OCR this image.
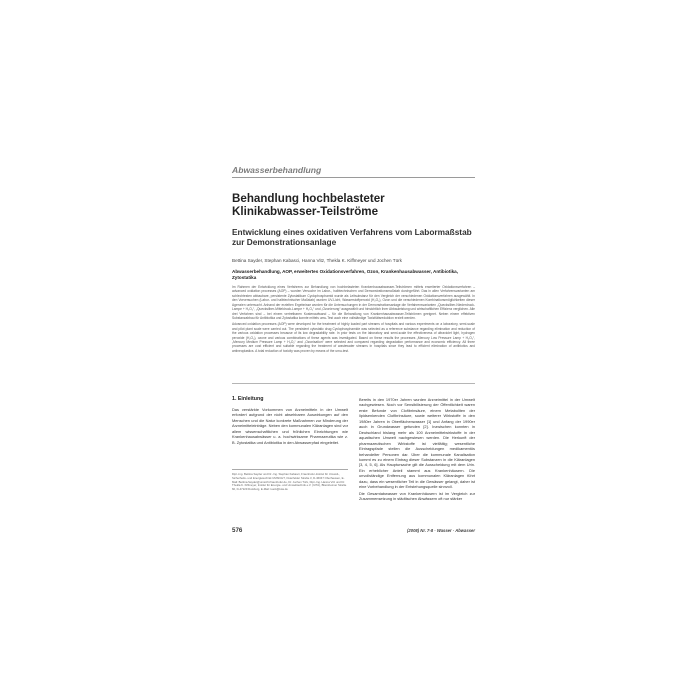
Abwasserbehandlung
Behandlung hochbelasteter Klinikabwasser-Teilströme
Entwicklung eines oxidativen Verfahrens vom Labormaßstab zur Demonstrationsanlage
Bettina Sayder, Stephan Kabasci, Hanna Vitz, Thekla K. Kiffmeyer und Jochen Türk
Abwasserbehandlung, AOP, erweitertes Oxidationsverfahren, Ozon, Krankenhausabwasser, Antibiotika, Zytostatika

Im Rahmen der Entwicklung eines Verfahrens zur Behandlung von hochbelasteten Krankenhausabwasser-Teilströmen mittels erweiterter Oxidationsverfahren – advanced oxidation processes (AOP) – wurden Versuche im Labor-, halbtechnischen und Demonstrationsmaßstab durchgeführt. Das in allen Verfahrensvarianten am schlechtesten abbaubare, persistente Zytostatikum Cyclophosphamid wurde als Leitsubstanz für den Vergleich der verschiedenen Oxidationsverfahren ausgewählt. In den Vorversuchen (Labor- und halbtechnischer Maßstab) wurden UV-Licht, Wasserstoffperoxid (H₂O₂), Ozon und die verschiedenen Kombinationsmöglichkeiten dieser Agenzien untersucht. Anhand der erzielten Ergebnisse wurden für die Untersuchungen in der Demonstrationsanlage die Verfahrensvarianten „Quecksilber-Niederdruck-Lampe + H₂O₂“, „Quecksilber-Mitteldruck-Lampe + H₂O₂“ und „Ozonierung“ ausgewählt und hinsichtlich ihrer Abbauleistung und wirtschaftlichen Effizienz verglichen. Alle drei Verfahren sind – bei einem vertretbaren Kostenaufwand – für die Behandlung von Krankenhausabwasser-Teilströmen geeignet. Neben einem effektiven Substanzabbau für Antibiotika und Zytostatika konnte mittels umu-Test auch eine vollständige Toxizitätsreduktion erzielt werden.

Advanced oxidation processes (AOP) were developed for the treatment of highly loaded part streams of hospitals and various experiments on a laboratory, semi-scale and pilot plant scale were carried out. The persistent cytostatic drug Cyclophosphamide was selected as a reference substance regarding elimination and reduction of the various oxidation processes because of its low degradability rate. In prior tests on the laboratory and semi-scale the effectiveness of ultraviolet light, hydrogen peroxide (H₂O₂), ozone and various combinations of these agents was investigated. Based on these results the processes „Mercury Low Pressure Lamp + H₂O₂“, „Mercury Medium Pressure Lamp + H₂O₂“ and „Ozonisation“ were selected and compared regarding degradation performance and economic efficiency. All three processes are cost efficient and suitable regarding the treatment of wastewater streams in hospitals since they lead to efficient elimination of antibiotics and antineoplastics. A total reduction of toxicity was proven by means of the umu-test.

1. Einleitung

Das verstärkte Vorkommen von Arzneimitteln in der Umwelt erfordert aufgrund der nicht absehbaren Auswirkungen auf den Menschen und die Natur konkrete Maßnahmen zur Minderung der Arzneimitteleinträge. Neben den kommunalen Kläranlagen sind vor allem wissenschaftlichen und fröhlichen Einrichtungen wie Krankenhausabwässer u. a. hochwirksame Pharmazeutika wie z. B. Zytostatika und Antibiotika in den Abwasserpfad eingeleitet.

Dipl.-Ing. Bettina Sayder und Dr.-Ing. Stephan Kabasci, Fraunhofer-Institut für Umwelt-, Sicherheits- und Energietechnik UMSICHT, Osterfelder Straße 3, D-46047 Oberhausen, E-Mail: Bettina.Sayder@umsicht.fraunhofer.de, Dr. Jochen Türk, Dipl.-Ing. Hanna Vitz und Dr. Thekla K. Kiffmeyer, Institut für Energie- und Umwelttechnik e.V. (IUTA), Bliersheimer Straße 60, D-47229 Duisburg, E-Mail: tuerk@iuta.de

Bereits in den 1970er Jahren wurden Arzneimittel in der Umwelt nachgewiesen. Noch vor Sensibilisierung der Öffentlichkeit waren erste Befunde von Clofibrinsäure, einem Metaboliten der lipidsenkenden Clofibrinsäure, sowie weiterer Wirkstoffe in den 1980er Jahren in Oberflächenwasser [1] und Anfang der 1990er auch in Grundwasser gefunden [2]. Inzwischen konnten in Deutschland bislang mehr als 100 Arzneimittelwirkstoffe in der aquatischen Umwelt nachgewiesen werden. Die Herkunft der pharmazeutischen Wirkstoffe ist vielfältig; wesentliche Eintragspfade stellen die Ausscheidungen medikamentös behandelter Personen dar. Über die kommunale Kanalisation kommt es zu einem Eintrag dieser Substanzen in die Kläranlagen [3, 4, 5, 6]. Als Hauptursache gilt die Ausscheidung mit dem Urin. Ein erheblicher Anteil stammt aus Krankenhäusern. Die unvollständige Entfernung aus kommunalen Kläranlagen führt dazu, dass ein wesentlicher Teil in die Gewässer gelangt, daher ist eine Vorbehandlung in der Entstehungsquelle sinnvoll.

Die Gesamtabwasser von Krankenhäusern ist im Vergleich zur Zusammensetzung in städtischen Abwässern oft nur stärker

576	(2008) Nr. 7-8 · Wasser · Abwasser
